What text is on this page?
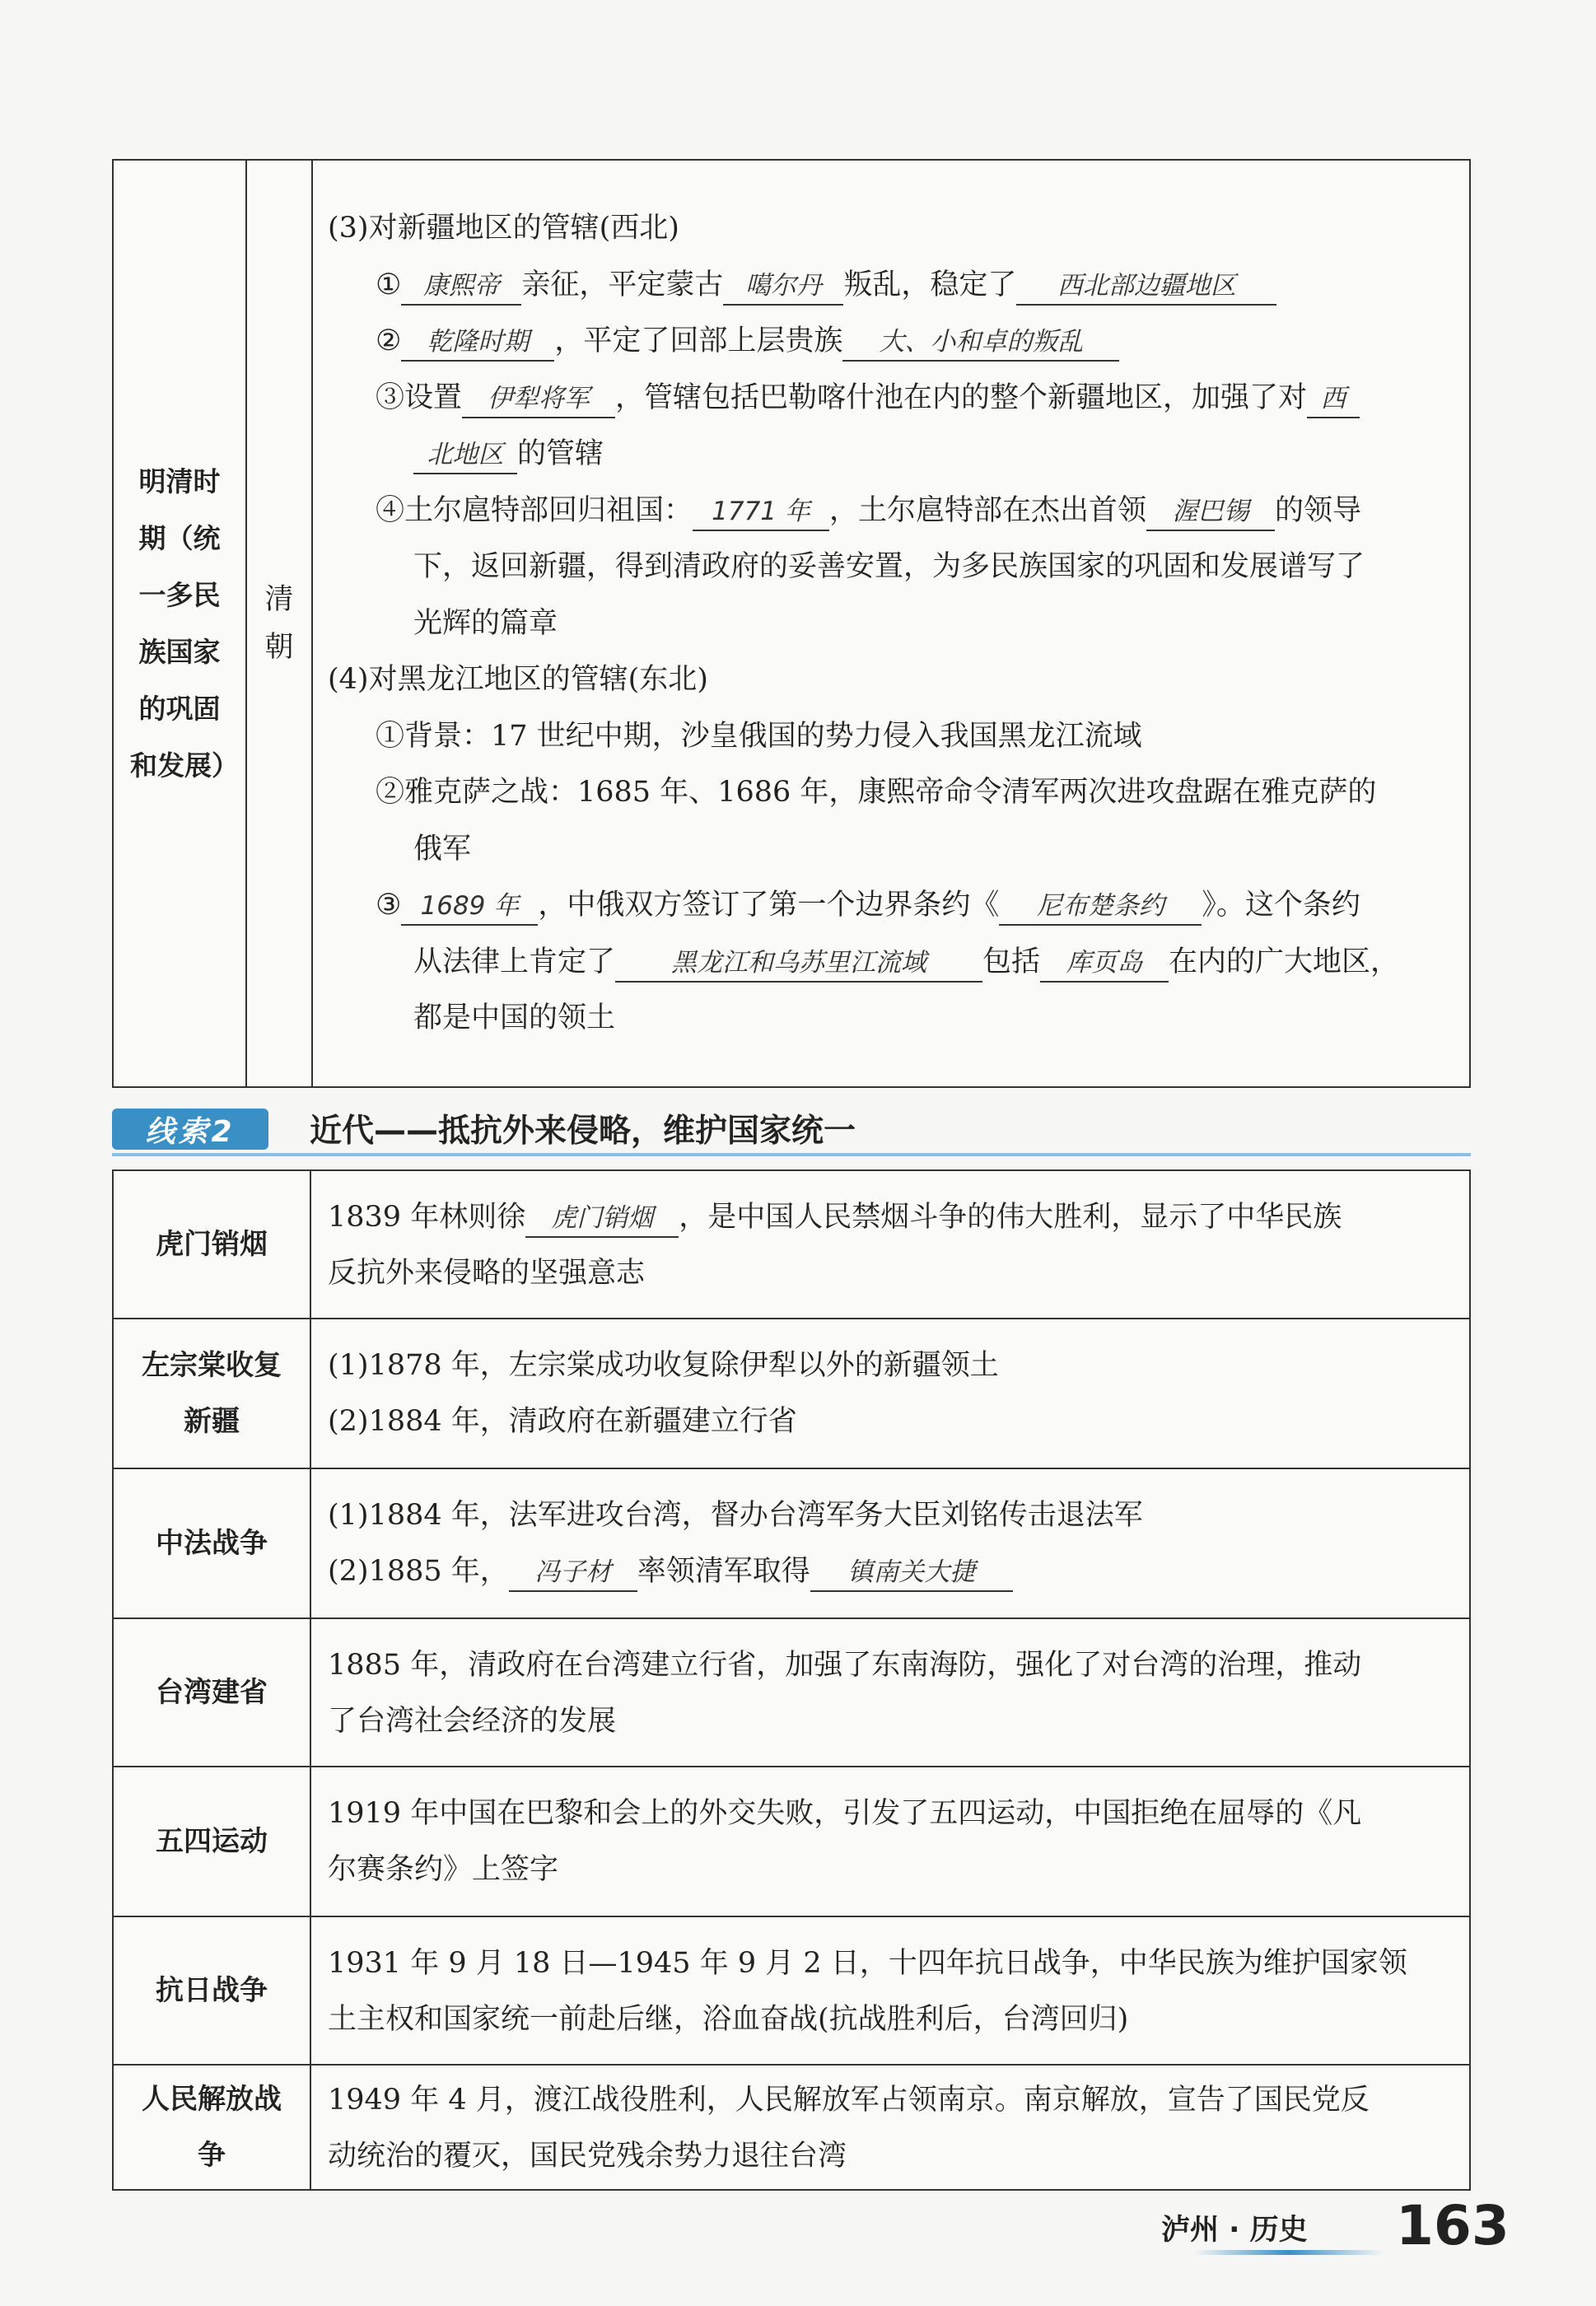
明清时期（统一多民族国家的巩固和发展）
清朝
(3)对新疆地区的管辖(西北)
① 康熙帝 亲征，平定蒙古 噶尔丹 叛乱，稳定了 西北部边疆地区
② 乾隆时期 ，平定了回部上层贵族 大、小和卓的叛乱
③设置 伊犁将军 ，管辖包括巴勒喀什池在内的整个新疆地区，加强了对 西
北地区 的管辖
④土尔扈特部回归祖国： 1771 年 ，土尔扈特部在杰出首领 渥巴锡 的领导
下，返回新疆，得到清政府的妥善安置，为多民族国家的巩固和发展谱写了
光辉的篇章
(4)对黑龙江地区的管辖(东北)
①背景：17 世纪中期，沙皇俄国的势力侵入我国黑龙江流域
②雅克萨之战：1685 年、1686 年，康熙帝命令清军两次进攻盘踞在雅克萨的
俄军
③ 1689 年 ，中俄双方签订了第一个边界条约《 尼布楚条约 》。这个条约
从法律上肯定了 黑龙江和乌苏里江流域 包括 库页岛 在内的广大地区，
都是中国的领土
线索2	近代——抵抗外来侵略，维护国家统一
虎门销烟
1839 年林则徐 虎门销烟 ，是中国人民禁烟斗争的伟大胜利，显示了中华民族
反抗外来侵略的坚强意志
左宗棠收复新疆
(1)1878 年，左宗棠成功收复除伊犁以外的新疆领土
(2)1884 年，清政府在新疆建立行省
中法战争
(1)1884 年，法军进攻台湾，督办台湾军务大臣刘铭传击退法军
(2)1885 年， 冯子材 率领清军取得 镇南关大捷
台湾建省
1885 年，清政府在台湾建立行省，加强了东南海防，强化了对台湾的治理，推动
了台湾社会经济的发展
五四运动
1919 年中国在巴黎和会上的外交失败，引发了五四运动，中国拒绝在屈辱的《凡
尔赛条约》上签字
抗日战争
1931 年 9 月 18 日—1945 年 9 月 2 日，十四年抗日战争，中华民族为维护国家领
土主权和国家统一前赴后继，浴血奋战(抗战胜利后，台湾回归)
人民解放战争
1949 年 4 月，渡江战役胜利，人民解放军占领南京。南京解放，宣告了国民党反
动统治的覆灭，国民党残余势力退往台湾
泸州 · 历史 163
